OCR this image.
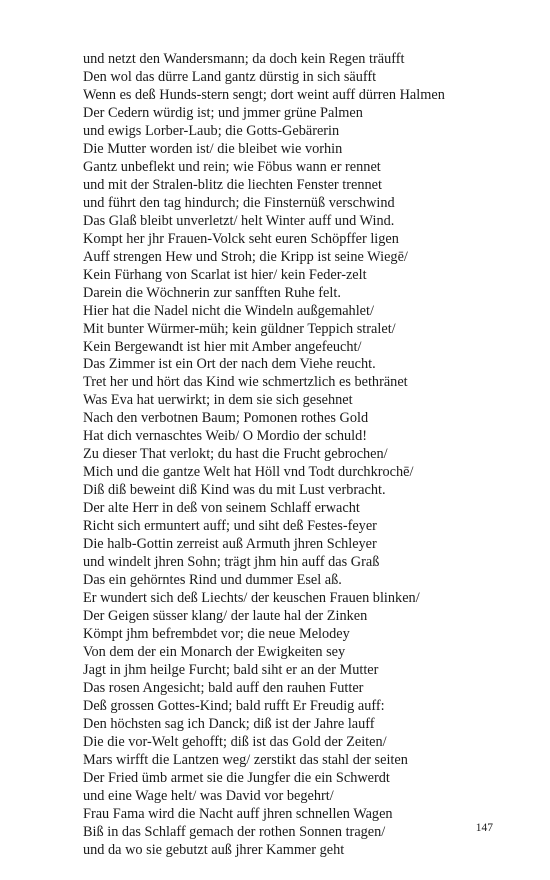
und netzt den Wandersmann; da doch kein Regen träufft
Den wol das dürre Land gantz dürstig in sich säufft
Wenn es deß Hunds-stern sengt; dort weint auff dürren Halmen
Der Cedern würdig ist; und jmmer grüne Palmen
und ewigs Lorber-Laub; die Gotts-Gebärerin
Die Mutter worden ist/ die bleibet wie vorhin
Gantz unbeflekt und rein; wie Föbus wann er rennet
und mit der Stralen-blitz die liechten Fenster trennet
und führt den tag hindurch; die Finsternüß verschwind
Das Glaß bleibt unverletzt/ helt Winter auff und Wind.
Kompt her jhr Frauen-Volck seht euren Schöpffer ligen
Auff strengen Hew und Stroh; die Kripp ist seine Wiegē/
Kein Fürhang von Scarlat ist hier/ kein Feder-zelt
Darein die Wöchnerin zur sanfften Ruhe felt.
Hier hat die Nadel nicht die Windeln außgemahlet/
Mit bunter Würmer-müh; kein güldner Teppich stralet/
Kein Bergewandt ist hier mit Amber angefeucht/
Das Zimmer ist ein Ort der nach dem Viehe reucht.
Tret her und hört das Kind wie schmertzlich es bethränet
Was Eva hat uerwirkt; in dem sie sich gesehnet
Nach den verbotnen Baum; Pomonen rothes Gold
Hat dich vernaschtes Weib/ O Mordio der schuld!
Zu dieser That verlokt; du hast die Frucht gebrochen/
Mich und die gantze Welt hat Höll vnd Todt durchkrochē/
Diß diß beweint diß Kind was du mit Lust verbracht.
Der alte Herr in deß von seinem Schlaff erwacht
Richt sich ermuntert auff; und siht deß Festes-feyer
Die halb-Gottin zerreist auß Armuth jhren Schleyer
und windelt jhren Sohn; trägt jhm hin auff das Graß
Das ein gehörntes Rind und dummer Esel aß.
Er wundert sich deß Liechts/ der keuschen Frauen blinken/
Der Geigen süsser klang/ der laute hal der Zinken
Kömpt jhm befrembdet vor; die neue Melodey
Von dem der ein Monarch der Ewigkeiten sey
Jagt in jhm heilge Furcht; bald siht er an der Mutter
Das rosen Angesicht; bald auff den rauhen Futter
Deß grossen Gottes-Kind; bald rufft Er Freudig auff:
Den höchsten sag ich Danck; diß ist der Jahre lauff
Die die vor-Welt gehofft; diß ist das Gold der Zeiten/
Mars wirfft die Lantzen weg/ zerstikt das stahl der seiten
Der Fried ümb armet sie die Jungfer die ein Schwerdt
und eine Wage helt/ was David vor begehrt/
Frau Fama wird die Nacht auff jhren schnellen Wagen
Biß in das Schlaff gemach der rothen Sonnen tragen/
und da wo sie gebutzt auß jhrer Kammer geht
147
